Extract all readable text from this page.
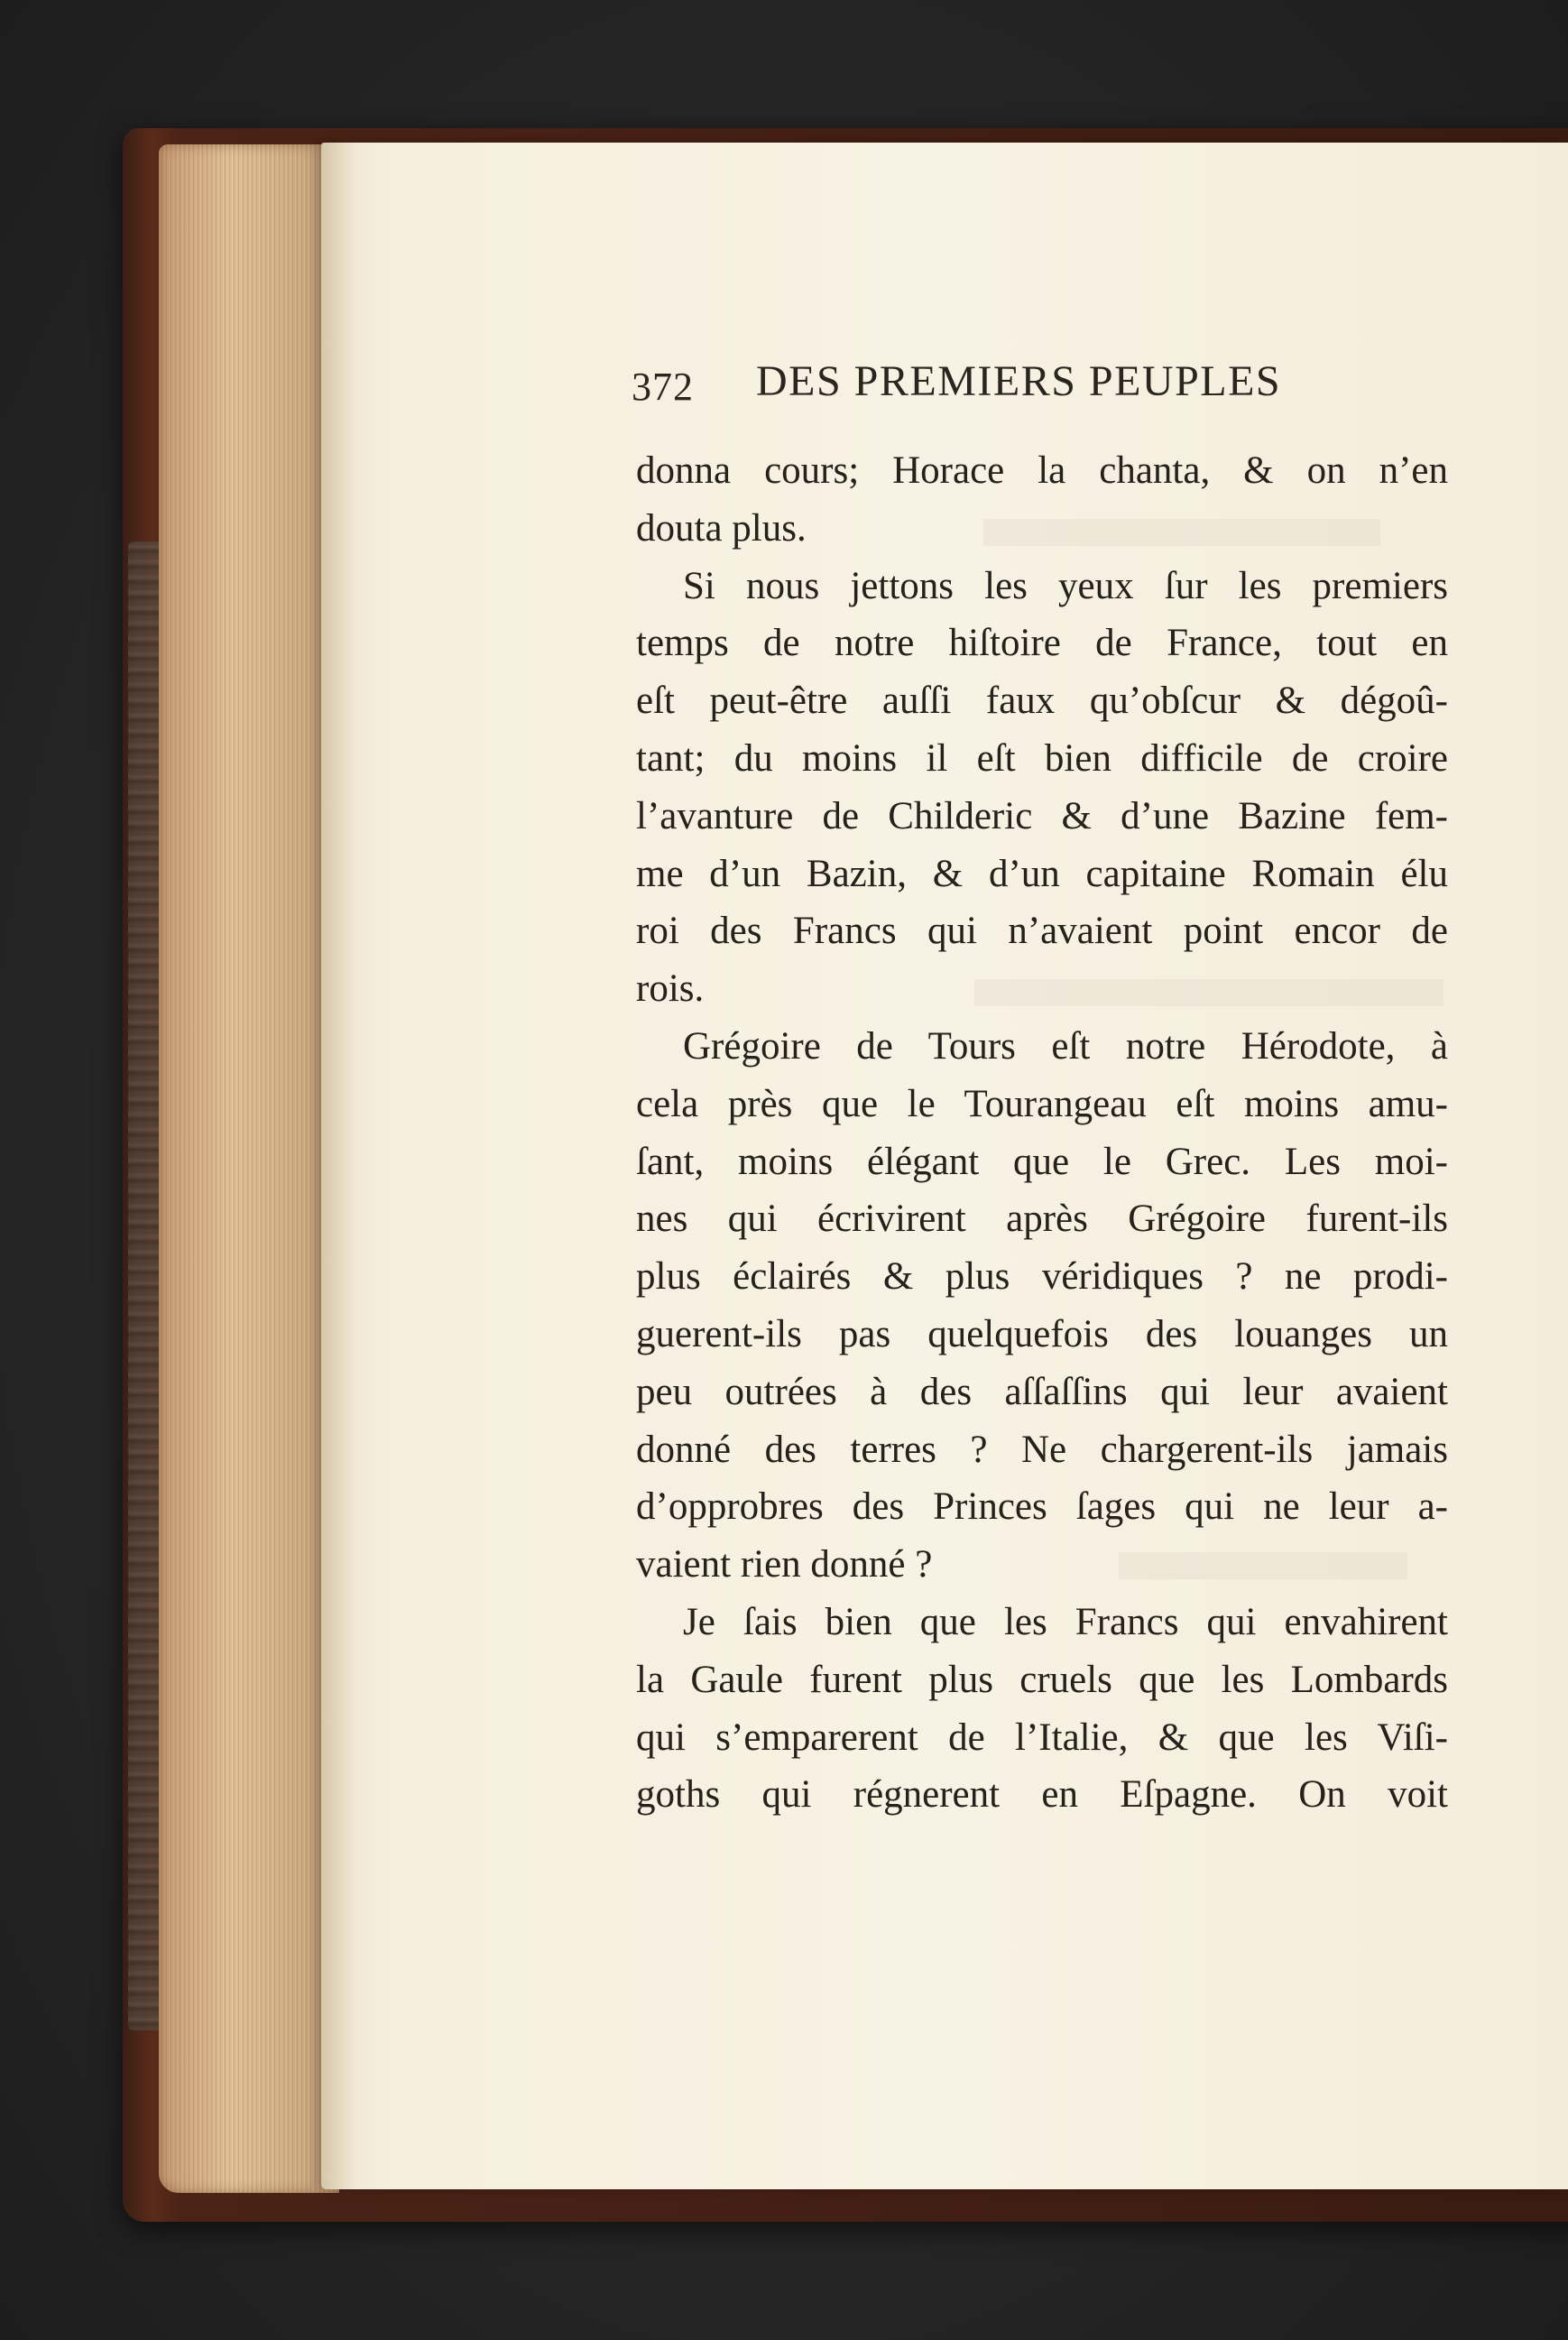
372 DES PREMIERS PEUPLES
donna cours; Horace la chanta, & on n’en
douta plus.
Si nous jettons les yeux ſur les premiers
temps de notre hiſtoire de France, tout en
eſt peut-être auſſi faux qu’obſcur & dégoû-
tant; du moins il eſt bien difficile de croire
l’avanture de Childeric & d’une Bazine fem-
me d’un Bazin, & d’un capitaine Romain élu
roi des Francs qui n’avaient point encor de
rois.
Grégoire de Tours eſt notre Hérodote, à
cela près que le Tourangeau eſt moins amu-
ſant, moins élégant que le Grec. Les moi-
nes qui écrivirent après Grégoire furent-ils
plus éclairés & plus véridiques ? ne prodi-
guerent-ils pas quelquefois des louanges un
peu outrées à des aſſaſſins qui leur avaient
donné des terres ? Ne chargerent-ils jamais
d’opprobres des Princes ſages qui ne leur a-
vaient rien donné ?
Je ſais bien que les Francs qui envahirent
la Gaule furent plus cruels que les Lombards
qui s’emparerent de l’Italie, & que les Viſi-
goths qui régnerent en Eſpagne. On voit
